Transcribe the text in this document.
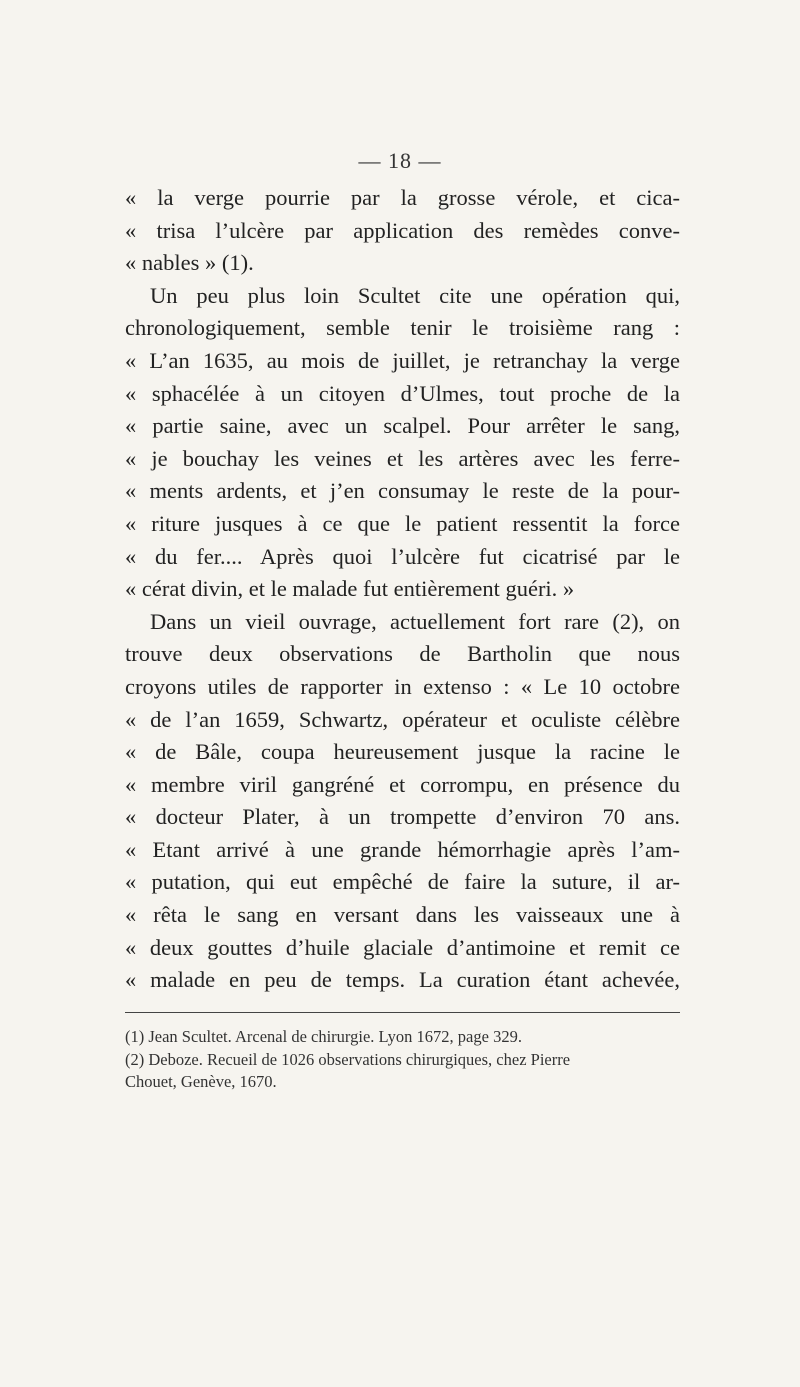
— 18 —
« la verge pourrie par la grosse vérole, et cica-
« trisa l’ulcère par application des remèdes conve-
« nables » (1).
Un peu plus loin Scultet cite une opération qui,
chronologiquement, semble tenir le troisième rang :
« L’an 1635, au mois de juillet, je retranchay la verge
« sphacélée à un citoyen d’Ulmes, tout proche de la
« partie saine, avec un scalpel. Pour arrêter le sang,
« je bouchay les veines et les artères avec les ferre-
« ments ardents, et j’en consumay le reste de la pour-
« riture jusques à ce que le patient ressentit la force
« du fer.... Après quoi l’ulcère fut cicatrisé par le
« cérat divin, et le malade fut entièrement guéri. »
Dans un vieil ouvrage, actuellement fort rare (2), on
trouve deux observations de Bartholin que nous
croyons utiles de rapporter in extenso : « Le 10 octobre
« de l’an 1659, Schwartz, opérateur et oculiste célèbre
« de Bâle, coupa heureusement jusque la racine le
« membre viril gangréné et corrompu, en présence du
« docteur Plater, à un trompette d’environ 70 ans.
« Etant arrivé à une grande hémorrhagie après l’am-
« putation, qui eut empêché de faire la suture, il ar-
« rêta le sang en versant dans les vaisseaux une à
« deux gouttes d’huile glaciale d’antimoine et remit ce
« malade en peu de temps. La curation étant achevée,
(1) Jean Scultet. Arcenal de chirurgie. Lyon 1672, page 329.
(2) Deboze. Recueil de 1026 observations chirurgiques, chez Pierre
Chouet, Genève, 1670.
